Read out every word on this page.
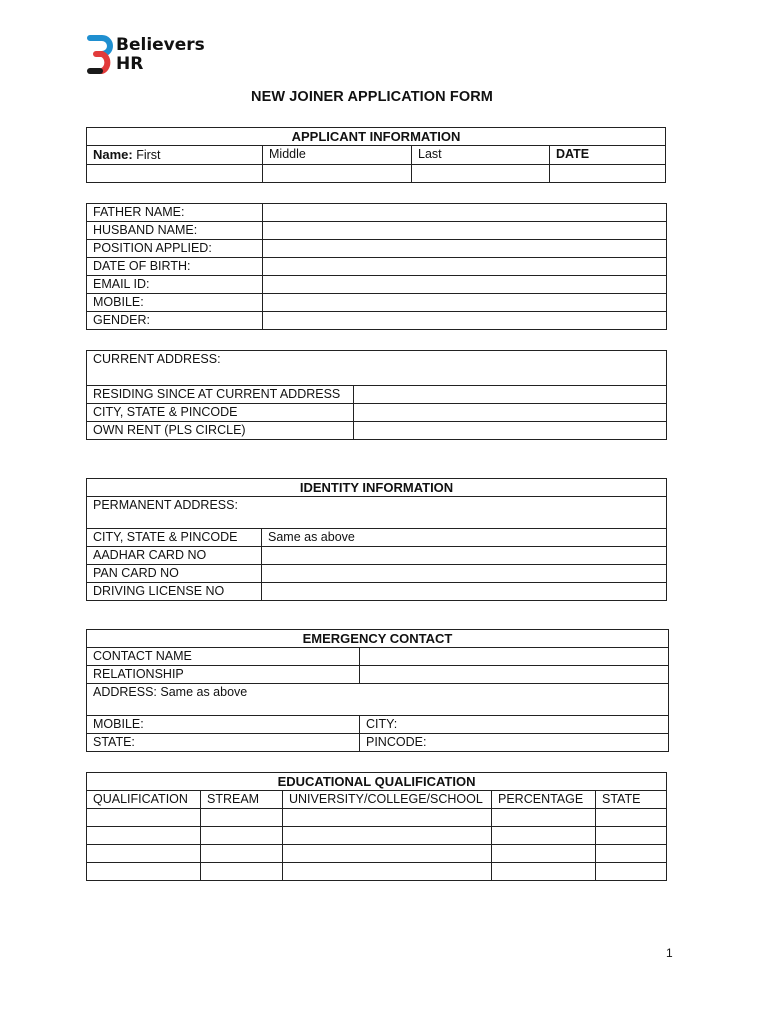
Believers
HR
NEW JOINER APPLICATION FORM
APPLICANT INFORMATION			
Name: First	Middle	Last	DATE

FATHER NAME:	
HUSBAND NAME:	
POSITION APPLIED:	
DATE OF BIRTH:	
EMAIL ID:	
MOBILE:	
GENDER:	
CURRENT ADDRESS:	
RESIDING SINCE AT CURRENT ADDRESS	
CITY, STATE & PINCODE	
OWN RENT (PLS CIRCLE)	
IDENTITY INFORMATION	
PERMANENT ADDRESS:	
CITY, STATE & PINCODE	Same as above
AADHAR CARD NO	
PAN CARD NO	
DRIVING LICENSE NO	
EMERGENCY CONTACT	
CONTACT NAME	
RELATIONSHIP	
ADDRESS: Same as above	
MOBILE:	CITY:
STATE:	PINCODE:
EDUCATIONAL QUALIFICATION				
QUALIFICATION	STREAM	UNIVERSITY/COLLEGE/SCHOOL	PERCENTAGE	STATE

1
